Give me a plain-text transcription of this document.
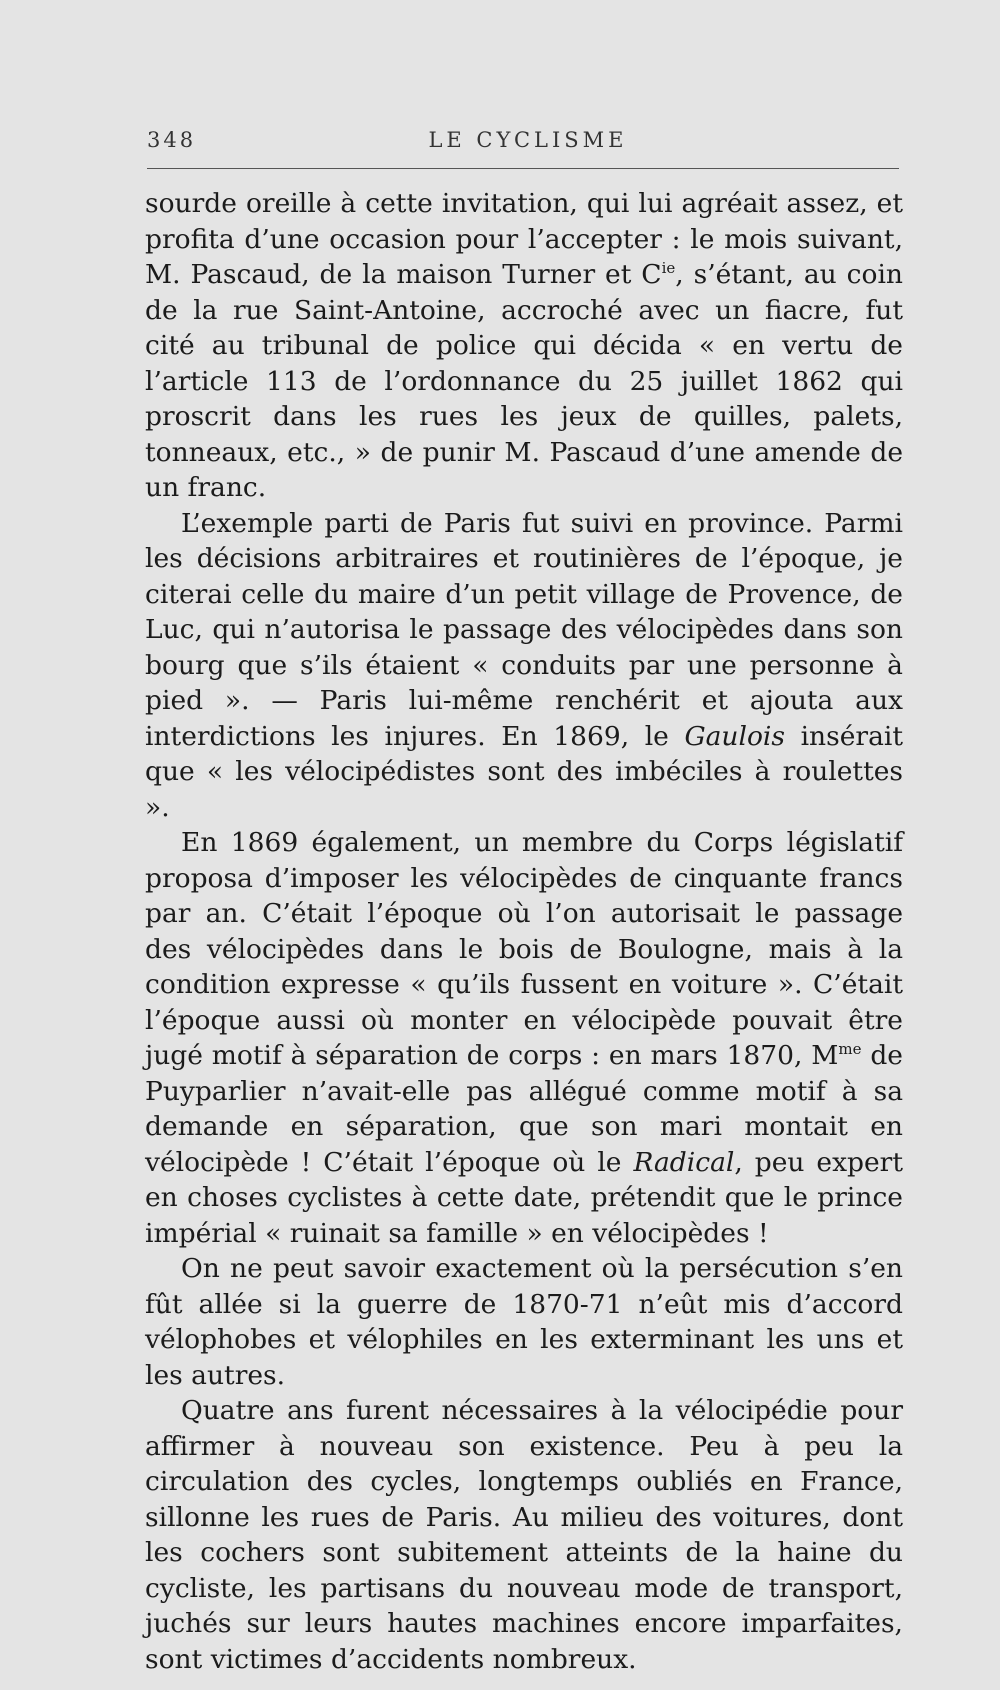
348	LE CYCLISME

sourde oreille à cette invitation, qui lui agréait assez, et profita d’une occasion pour l’accepter : le mois suivant, M. Pascaud, de la maison Turner et $C^{ie}$, s’étant, au coin de la rue Saint-Antoine, accroché avec un fiacre, fut cité au tribunal de police qui décida « en vertu de l’article 113 de l’ordonnance du 25 juillet 1862 qui proscrit dans les rues les jeux de quilles, palets, tonneaux, etc., » de punir M. Pascaud d’une amende de un franc.

L’exemple parti de Paris fut suivi en province. Parmi les décisions arbitraires et routinières de l’époque, je citerai celle du maire d’un petit village de Provence, de Luc, qui n’autorisa le passage des vélocipèdes dans son bourg que s’ils étaient « conduits par une personne à pied ». — Paris lui-même renchérit et ajouta aux interdictions les injures. En 1869, le Gaulois insérait que « les vélocipédistes sont des imbéciles à roulettes ».

En 1869 également, un membre du Corps législatif proposa d’imposer les vélocipèdes de cinquante francs par an. C’était l’époque où l’on autorisait le passage des vélocipèdes dans le bois de Boulogne, mais à la condition expresse « qu’ils fussent en voiture ». C’était l’époque aussi où monter en vélocipède pouvait être jugé motif à séparation de corps : en mars 1870, $M^{me}$ de Puyparlier n’avait-elle pas allégué comme motif à sa demande en séparation, que son mari montait en vélocipède ! C’était l’époque où le Radical, peu expert en choses cyclistes à cette date, prétendit que le prince impérial « ruinait sa famille » en vélocipèdes !

On ne peut savoir exactement où la persécution s’en fût allée si la guerre de 1870-71 n’eût mis d’accord vélophobes et vélophiles en les exterminant les uns et les autres.

Quatre ans furent nécessaires à la vélocipédie pour affirmer à nouveau son existence. Peu à peu la circulation des cycles, longtemps oubliés en France, sillonne les rues de Paris. Au milieu des voitures, dont les cochers sont subitement atteints de la haine du cycliste, les partisans du nouveau mode de transport, juchés sur leurs hautes machines encore imparfaites, sont victimes d’accidents nombreux.
